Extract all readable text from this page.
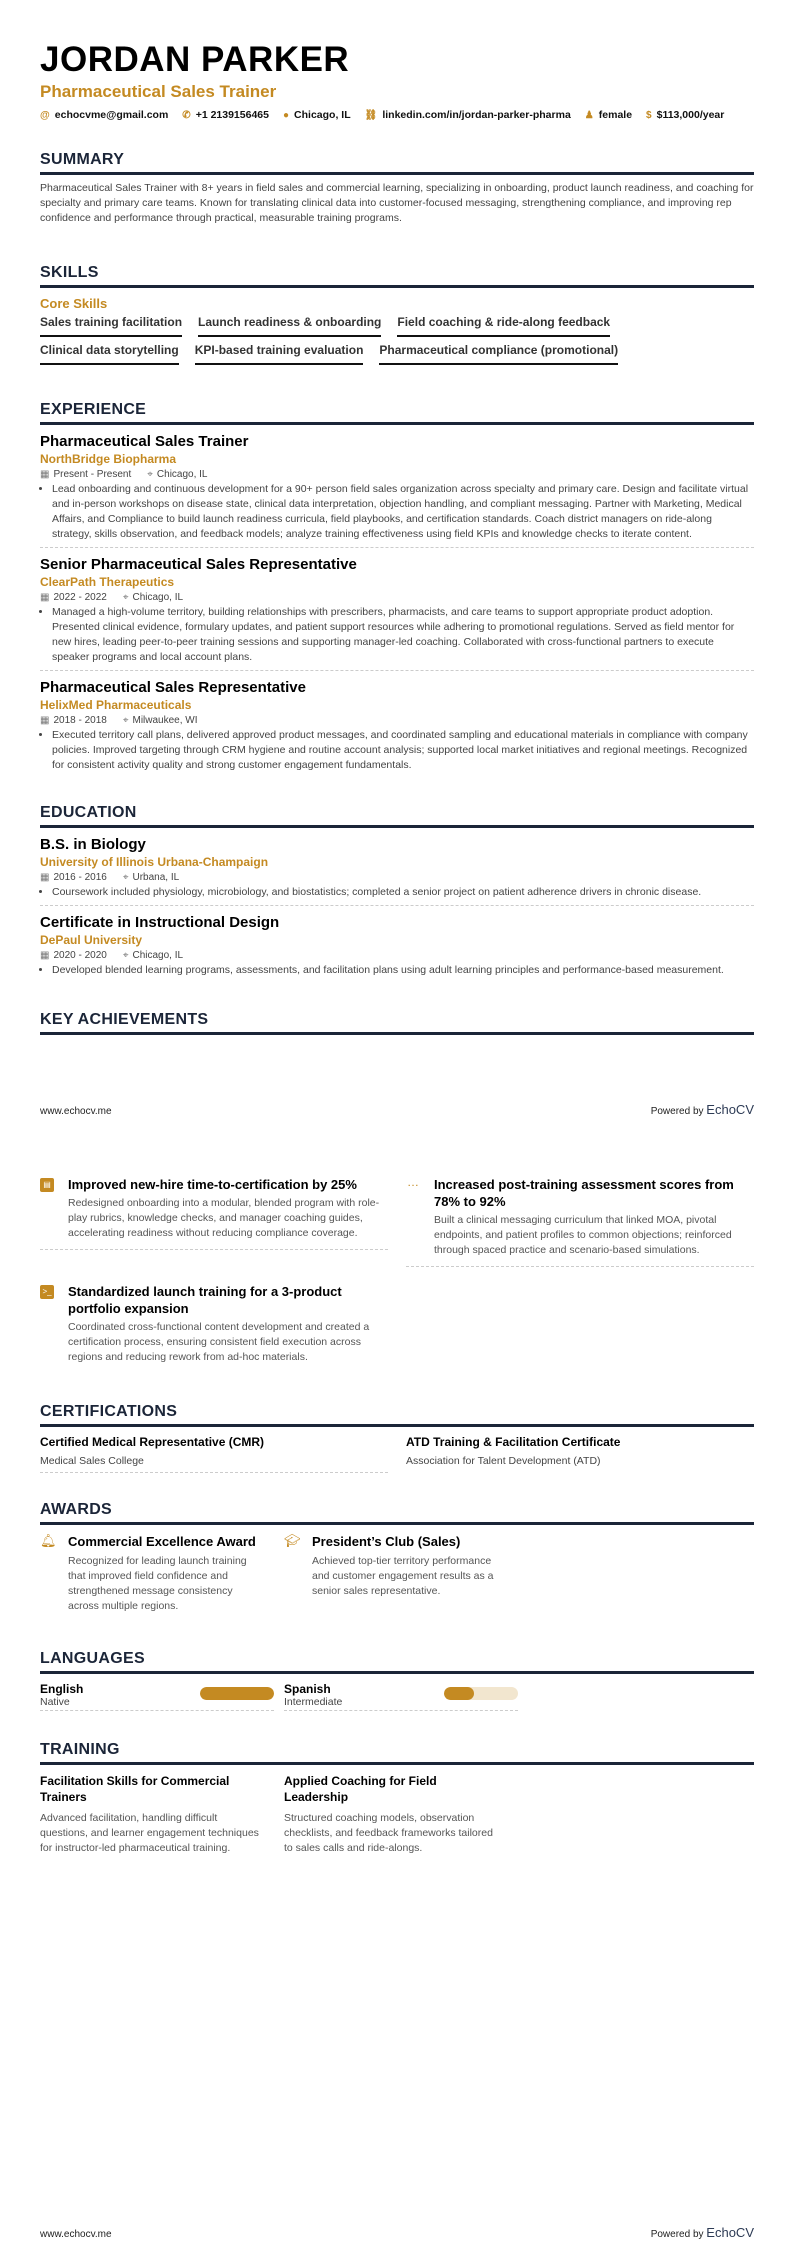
JORDAN PARKER
Pharmaceutical Sales Trainer
@ echocvme@gmail.com ✆ +1 2139156465 ● Chicago, IL ⛓ linkedin.com/in/jordan-parker-pharma ♟ female $ $113,000/year
SUMMARY

Pharmaceutical Sales Trainer with 8+ years in field sales and commercial learning, specializing in onboarding, product launch readiness, and coaching for specialty and primary care teams. Known for translating clinical data into customer-focused messaging, strengthening compliance, and improving rep confidence and performance through practical, measurable training programs.

SKILLS
Core Skills
Sales training facilitation Launch readiness & onboarding Field coaching & ride-along feedback
Clinical data storytelling KPI-based training evaluation Pharmaceutical compliance (promotional)
EXPERIENCE
Pharmaceutical Sales Trainer
NorthBridge Biopharma
▦ Present - Present ⌖ Chicago, IL
• Lead onboarding and continuous development for a 90+ person field sales organization across specialty and primary care. Design and facilitate virtual and in-person workshops on disease state, clinical data interpretation, objection handling, and compliant messaging. Partner with Marketing, Medical Affairs, and Compliance to build launch readiness curricula, field playbooks, and certification standards. Coach district managers on ride-along strategy, skills observation, and feedback models; analyze training effectiveness using field KPIs and knowledge checks to iterate content.
Senior Pharmaceutical Sales Representative
ClearPath Therapeutics
▦ 2022 - 2022 ⌖ Chicago, IL
• Managed a high-volume territory, building relationships with prescribers, pharmacists, and care teams to support appropriate product adoption. Presented clinical evidence, formulary updates, and patient support resources while adhering to promotional regulations. Served as field mentor for new hires, leading peer-to-peer training sessions and supporting manager-led coaching. Collaborated with cross-functional partners to execute speaker programs and local account plans.
Pharmaceutical Sales Representative
HelixMed Pharmaceuticals
▦ 2018 - 2018 ⌖ Milwaukee, WI
• Executed territory call plans, delivered approved product messages, and coordinated sampling and educational materials in compliance with company policies. Improved targeting through CRM hygiene and routine account analysis; supported local market initiatives and regional meetings. Recognized for consistent activity quality and strong customer engagement fundamentals.
EDUCATION
B.S. in Biology
University of Illinois Urbana-Champaign
▦ 2016 - 2016 ⌖ Urbana, IL
• Coursework included physiology, microbiology, and biostatistics; completed a senior project on patient adherence drivers in chronic disease.
Certificate in Instructional Design
DePaul University
▦ 2020 - 2020 ⌖ Chicago, IL
• Developed blended learning programs, assessments, and facilitation plans using adult learning principles and performance-based measurement.
KEY ACHIEVEMENTS
www.echocv.me	Powered by EchoCV
▤ Improved new-hire time-to-certification by 25%

Redesigned onboarding into a modular, blended program with role-play rubrics, knowledge checks, and manager coaching guides, accelerating readiness without reducing compliance coverage.

… Increased post-training assessment scores from 78% to 92%

Built a clinical messaging curriculum that linked MOA, pivotal endpoints, and patient profiles to common objections; reinforced through spaced practice and scenario-based simulations.

>_ Standardized launch training for a 3-product portfolio expansion

Coordinated cross-functional content development and created a certification process, ensuring consistent field execution across regions and reducing rework from ad-hoc materials.

CERTIFICATIONS
Certified Medical Representative (CMR)

Medical Sales College

ATD Training & Facilitation Certificate

Association for Talent Development (ATD)

AWARDS
🔔︎ Commercial Excellence Award

Recognized for leading launch training that improved field confidence and strengthened message consistency across multiple regions.

🎓︎ President’s Club (Sales)

Achieved top-tier territory performance and customer engagement results as a senior sales representative.

LANGUAGES
English

Native

Spanish

Intermediate

TRAINING
Facilitation Skills for Commercial Trainers

Advanced facilitation, handling difficult questions, and learner engagement techniques for instructor-led pharmaceutical training.

Applied Coaching for Field Leadership

Structured coaching models, observation checklists, and feedback frameworks tailored to sales calls and ride-alongs.

www.echocv.me	Powered by EchoCV
